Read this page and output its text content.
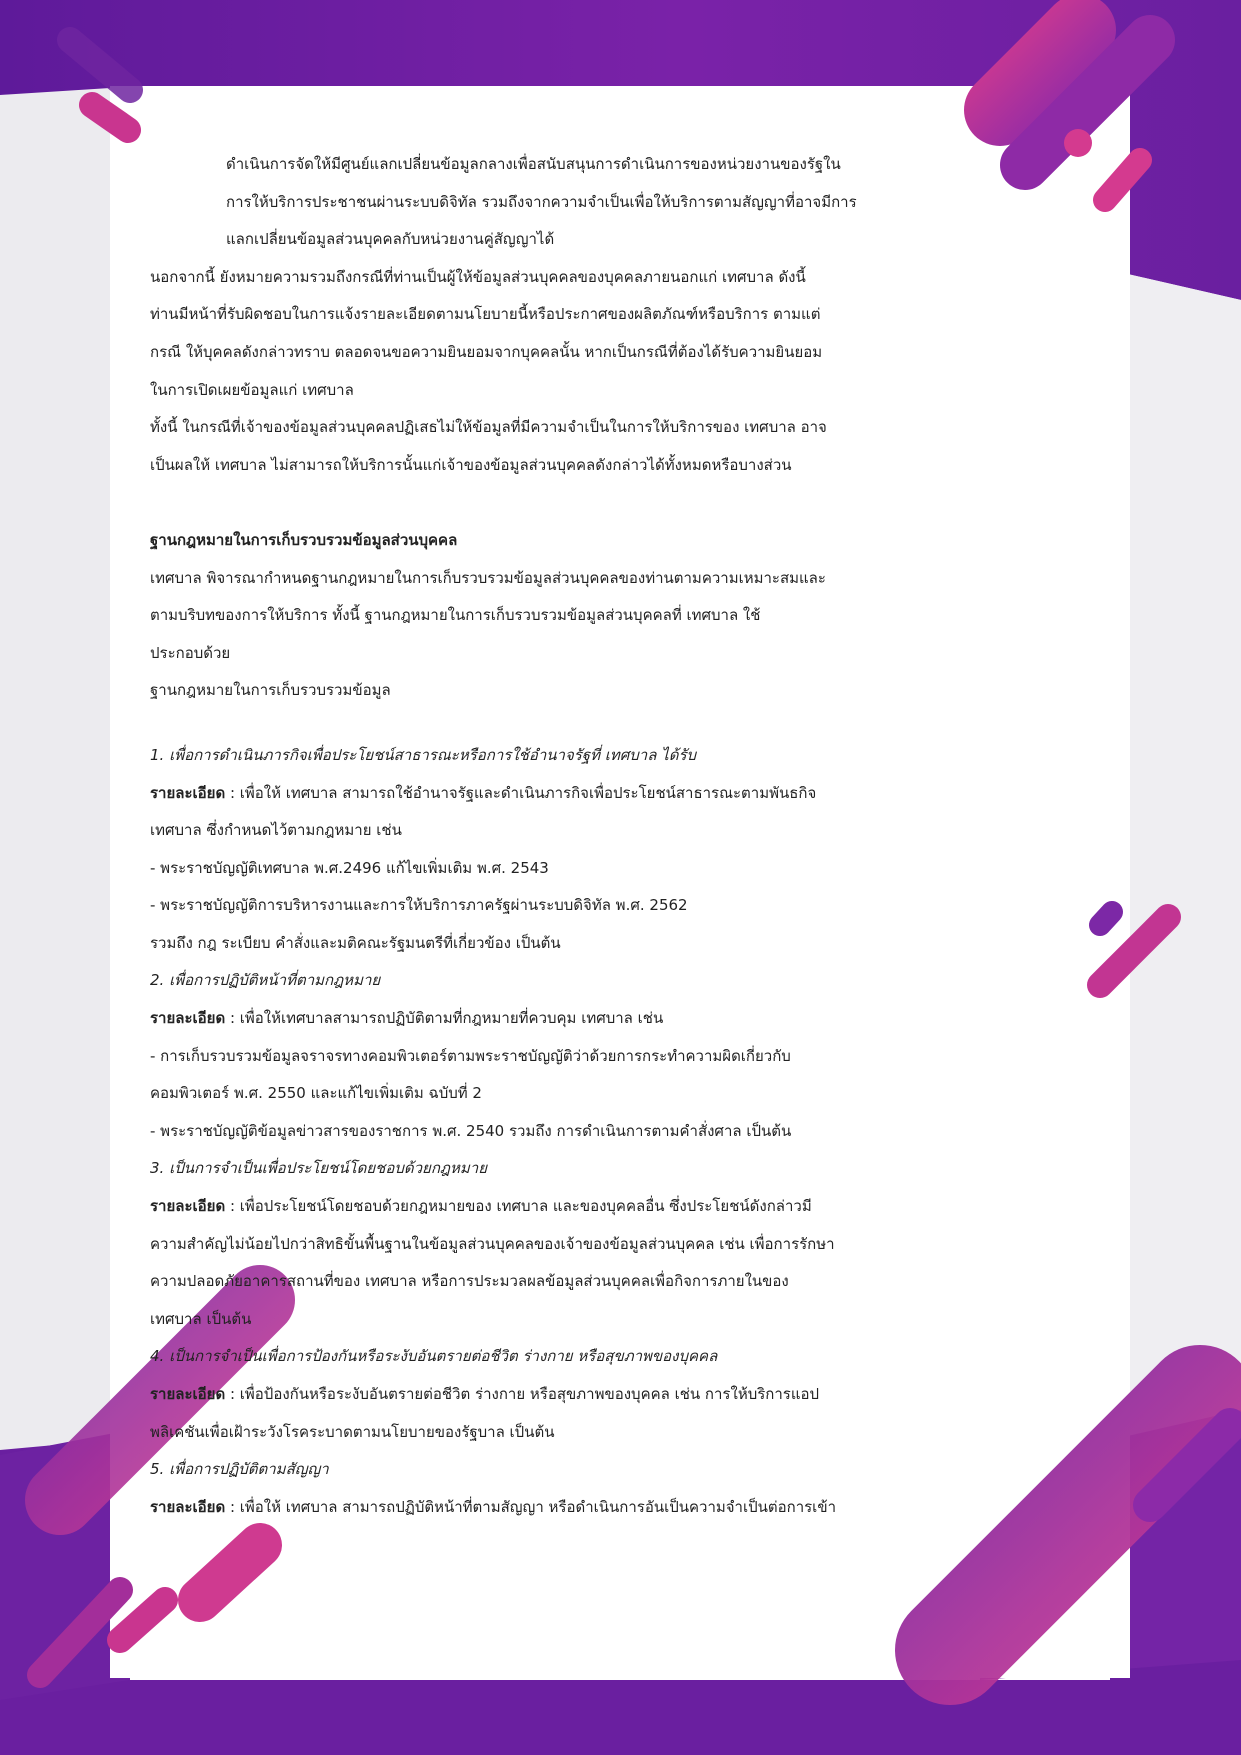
ดำเนินการจัดให้มีศูนย์แลกเปลี่ยนข้อมูลกลางเพื่อสนับสนุนการดำเนินการของหน่วยงานของรัฐใน

การให้บริการประชาชนผ่านระบบดิจิทัล รวมถึงจากความจำเป็นเพื่อให้บริการตามสัญญาที่อาจมีการ

แลกเปลี่ยนข้อมูลส่วนบุคคลกับหน่วยงานคู่สัญญาได้

นอกจากนี้ ยังหมายความรวมถึงกรณีที่ท่านเป็นผู้ให้ข้อมูลส่วนบุคคลของบุคคลภายนอกแก่ เทศบาล ดังนี้

ท่านมีหน้าที่รับผิดชอบในการแจ้งรายละเอียดตามนโยบายนี้หรือประกาศของผลิตภัณฑ์หรือบริการ ตามแต่

กรณี ให้บุคคลดังกล่าวทราบ ตลอดจนขอความยินยอมจากบุคคลนั้น หากเป็นกรณีที่ต้องได้รับความยินยอม

ในการเปิดเผยข้อมูลแก่ เทศบาล

ทั้งนี้ ในกรณีที่เจ้าของข้อมูลส่วนบุคคลปฏิเสธไม่ให้ข้อมูลที่มีความจำเป็นในการให้บริการของ เทศบาล อาจ

เป็นผลให้ เทศบาล ไม่สามารถให้บริการนั้นแก่เจ้าของข้อมูลส่วนบุคคลดังกล่าวได้ทั้งหมดหรือบางส่วน

ฐานกฎหมายในการเก็บรวบรวมข้อมูลส่วนบุคคล

เทศบาล พิจารณากำหนดฐานกฎหมายในการเก็บรวบรวมข้อมูลส่วนบุคคลของท่านตามความเหมาะสมและ

ตามบริบทของการให้บริการ ทั้งนี้ ฐานกฎหมายในการเก็บรวบรวมข้อมูลส่วนบุคคลที่ เทศบาล ใช้

ประกอบด้วย

ฐานกฎหมายในการเก็บรวบรวมข้อมูล

1. เพื่อการดำเนินภารกิจเพื่อประโยชน์สาธารณะหรือการใช้อำนาจรัฐที่ เทศบาล ได้รับ

รายละเอียด : เพื่อให้ เทศบาล สามารถใช้อำนาจรัฐและดำเนินภารกิจเพื่อประโยชน์สาธารณะตามพันธกิจ

เทศบาล ซึ่งกำหนดไว้ตามกฎหมาย เช่น

- พระราชบัญญัติเทศบาล พ.ศ.2496 แก้ไขเพิ่มเติม พ.ศ. 2543

- พระราชบัญญัติการบริหารงานและการให้บริการภาครัฐผ่านระบบดิจิทัล พ.ศ. 2562

รวมถึง กฎ ระเบียบ คำสั่งและมติคณะรัฐมนตรีที่เกี่ยวข้อง เป็นต้น

2. เพื่อการปฏิบัติหน้าที่ตามกฎหมาย

รายละเอียด : เพื่อให้เทศบาลสามารถปฏิบัติตามที่กฎหมายที่ควบคุม เทศบาล เช่น

- การเก็บรวบรวมข้อมูลจราจรทางคอมพิวเตอร์ตามพระราชบัญญัติว่าด้วยการกระทำความผิดเกี่ยวกับ

คอมพิวเตอร์ พ.ศ. 2550 และแก้ไขเพิ่มเติม ฉบับที่ 2

- พระราชบัญญัติข้อมูลข่าวสารของราชการ พ.ศ. 2540 รวมถึง การดำเนินการตามคำสั่งศาล เป็นต้น

3. เป็นการจำเป็นเพื่อประโยชน์โดยชอบด้วยกฎหมาย

รายละเอียด : เพื่อประโยชน์โดยชอบด้วยกฎหมายของ เทศบาล และของบุคคลอื่น ซึ่งประโยชน์ดังกล่าวมี

ความสำคัญไม่น้อยไปกว่าสิทธิขั้นพื้นฐานในข้อมูลส่วนบุคคลของเจ้าของข้อมูลส่วนบุคคล เช่น เพื่อการรักษา

ความปลอดภัยอาคารสถานที่ของ เทศบาล หรือการประมวลผลข้อมูลส่วนบุคคลเพื่อกิจการภายในของ

เทศบาล เป็นต้น

4. เป็นการจำเป็นเพื่อการป้องกันหรือระงับอันตรายต่อชีวิต ร่างกาย หรือสุขภาพของบุคคล

รายละเอียด : เพื่อป้องกันหรือระงับอันตรายต่อชีวิต ร่างกาย หรือสุขภาพของบุคคล เช่น การให้บริการแอป

พลิเคชันเพื่อเฝ้าระวังโรคระบาดตามนโยบายของรัฐบาล เป็นต้น

5. เพื่อการปฏิบัติตามสัญญา

รายละเอียด : เพื่อให้ เทศบาล สามารถปฏิบัติหน้าที่ตามสัญญา หรือดำเนินการอันเป็นความจำเป็นต่อการเข้า
